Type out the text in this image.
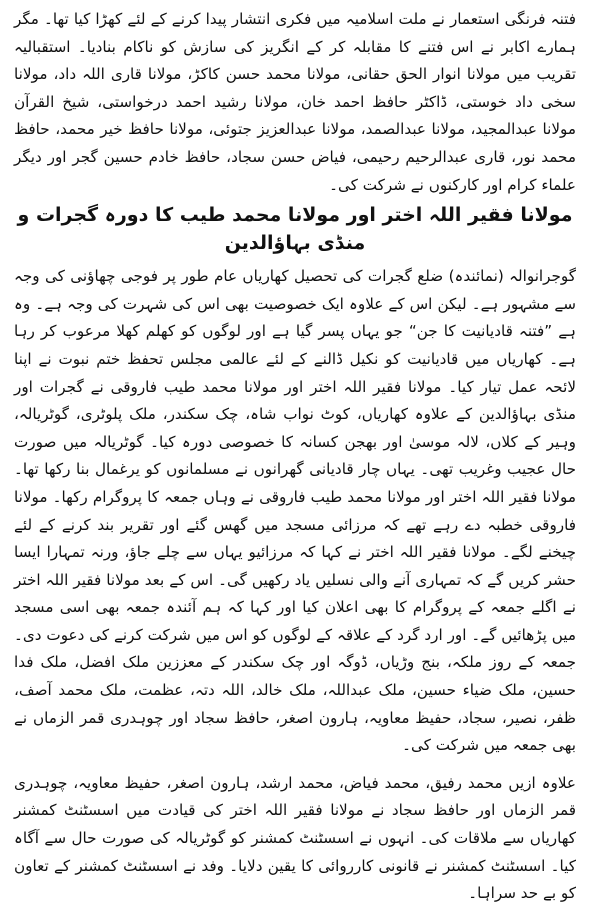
فتنہ فرنگی استعمار نے ملت اسلامیہ میں فکری انتشار پیدا کرنے کے لئے کھڑا کیا تھا۔ مگر ہمارے اکابر نے اس فتنے کا مقابلہ کر کے انگریز کی سازش کو ناکام بنادیا۔ استقبالیہ تقریب میں مولانا انوار الحق حقانی، مولانا محمد حسن کاکڑ، مولانا قاری اللہ داد، مولانا سخی داد خوستی، ڈاکٹر حافظ احمد خان، مولانا رشید احمد درخواستی، شیخ القرآن مولانا عبدالمجید، مولانا عبدالصمد، مولانا عبدالعزیز جتوئی، مولانا حافظ خیر محمد، حافظ محمد نور، قاری عبدالرحیم رحیمی، فیاض حسن سجاد، حافظ خادم حسین گجر اور دیگر علماء کرام اور کارکنوں نے شرکت کی۔

مولانا فقیر اللہ اختر اور مولانا محمد طیب کا دورہ گجرات و منڈی بہاؤالدین

گوجرانوالہ (نمائندہ) ضلع گجرات کی تحصیل کھاریاں عام طور پر فوجی چھاؤنی کی وجہ سے مشہور ہے۔ لیکن اس کے علاوہ ایک خصوصیت بھی اس کی شہرت کی وجہ ہے۔ وہ ہے ”فتنہ قادیانیت کا جن“ جو یہاں پسر گیا ہے اور لوگوں کو کھلم کھلا مرعوب کر رہا ہے۔ کھاریاں میں قادیانیت کو نکیل ڈالنے کے لئے عالمی مجلس تحفظ ختم نبوت نے اپنا لائحہ عمل تیار کیا۔ مولانا فقیر اللہ اختر اور مولانا محمد طیب فاروقی نے گجرات اور منڈی بہاؤالدین کے علاوہ کھاریاں، کوٹ نواب شاہ، چک سکندر، ملک پلوٹری، گوٹریالہ، وہیر کے کلاں، لالہ موسیٰ اور بھجن کسانہ کا خصوصی دورہ کیا۔ گوٹریالہ میں صورت حال عجیب وغریب تھی۔ یہاں چار قادیانی گھرانوں نے مسلمانوں کو یرغمال بنا رکھا تھا۔ مولانا فقیر اللہ اختر اور مولانا محمد طیب فاروقی نے وہاں جمعہ کا پروگرام رکھا۔ مولانا فاروقی خطبہ دے رہے تھے کہ مرزائی مسجد میں گھس گئے اور تقریر بند کرنے کے لئے چیخنے لگے۔ مولانا فقیر اللہ اختر نے کہا کہ مرزائیو یہاں سے چلے جاؤ، ورنہ تمہارا ایسا حشر کریں گے کہ تمہاری آنے والی نسلیں یاد رکھیں گی۔ اس کے بعد مولانا فقیر اللہ اختر نے اگلے جمعہ کے پروگرام کا بھی اعلان کیا اور کہا کہ ہم آئندہ جمعہ بھی اسی مسجد میں پڑھائیں گے۔ اور ارد گرد کے علاقہ کے لوگوں کو اس میں شرکت کرنے کی دعوت دی۔ جمعہ کے روز ملکہ، بنج وڑیاں، ڈوگہ اور چک سکندر کے معززین ملک افضل، ملک فدا حسین، ملک ضیاء حسین، ملک عبداللہ، ملک خالد، اللہ دتہ، عظمت، ملک محمد آصف، ظفر، نصیر، سجاد، حفیظ معاویہ، ہارون اصغر، حافظ سجاد اور چوہدری قمر الزماں نے بھی جمعہ میں شرکت کی۔

علاوہ ازیں محمد رفیق، محمد فیاض، محمد ارشد، ہارون اصغر، حفیظ معاویہ، چوہدری قمر الزماں اور حافظ سجاد نے مولانا فقیر اللہ اختر کی قیادت میں اسسٹنٹ کمشنر کھاریاں سے ملاقات کی۔ انہوں نے اسسٹنٹ کمشنر کو گوٹریالہ کی صورت حال سے آگاہ کیا۔ اسسٹنٹ کمشنر نے قانونی کارروائی کا یقین دلایا۔ وفد نے اسسٹنٹ کمشنر کے تعاون کو بے حد سراہا۔
